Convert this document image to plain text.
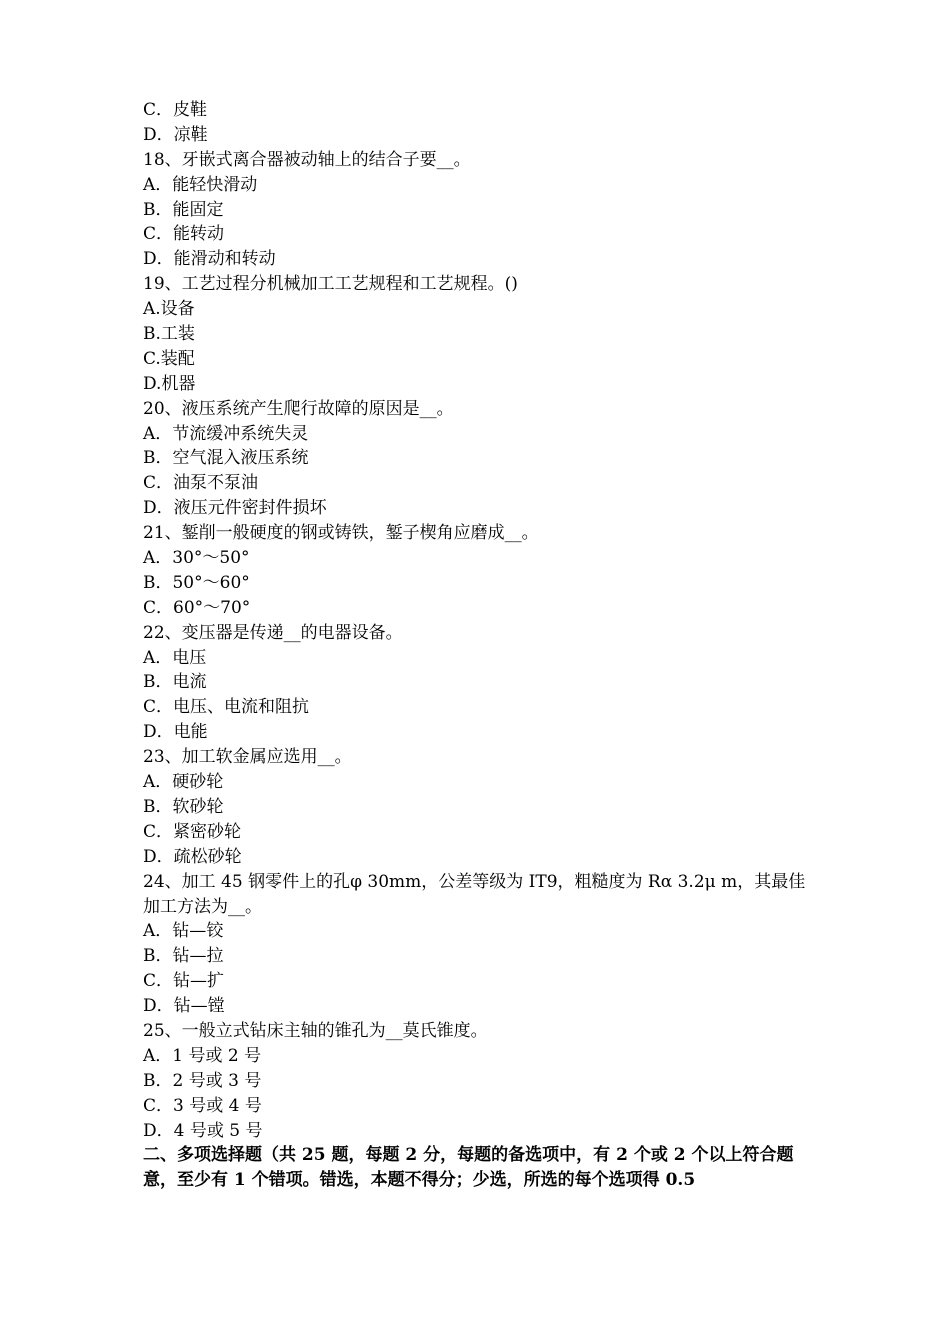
C．皮鞋
D．凉鞋
18、牙嵌式离合器被动轴上的结合子要__。
A．能轻快滑动
B．能固定
C．能转动
D．能滑动和转动
19、工艺过程分机械加工工艺规程和工艺规程。()
A.设备
B.工装
C.装配
D.机器
20、液压系统产生爬行故障的原因是__。
A．节流缓冲系统失灵
B．空气混入液压系统
C．油泵不泵油
D．液压元件密封件损坏
21、錾削一般硬度的钢或铸铁，錾子楔角应磨成__。
A．30°～50°
B．50°～60°
C．60°～70°
22、变压器是传递__的电器设备。
A．电压
B．电流
C．电压、电流和阻抗
D．电能
23、加工软金属应选用__。
A．硬砂轮
B．软砂轮
C．紧密砂轮
D．疏松砂轮
24、加工 45 钢零件上的孔φ 30mm，公差等级为 IT9，粗糙度为 Rα 3.2μ m，其最佳加工方法为__。
A．钻—铰
B．钻—拉
C．钻—扩
D．钻—镗
25、一般立式钻床主轴的锥孔为__莫氏锥度。
A．1 号或 2 号
B．2 号或 3 号
C．3 号或 4 号
D．4 号或 5 号
二、多项选择题（共 25 题，每题 2 分，每题的备选项中，有 2 个或 2 个以上符合题意，至少有 1 个错项。错选，本题不得分；少选，所选的每个选项得 0.5
